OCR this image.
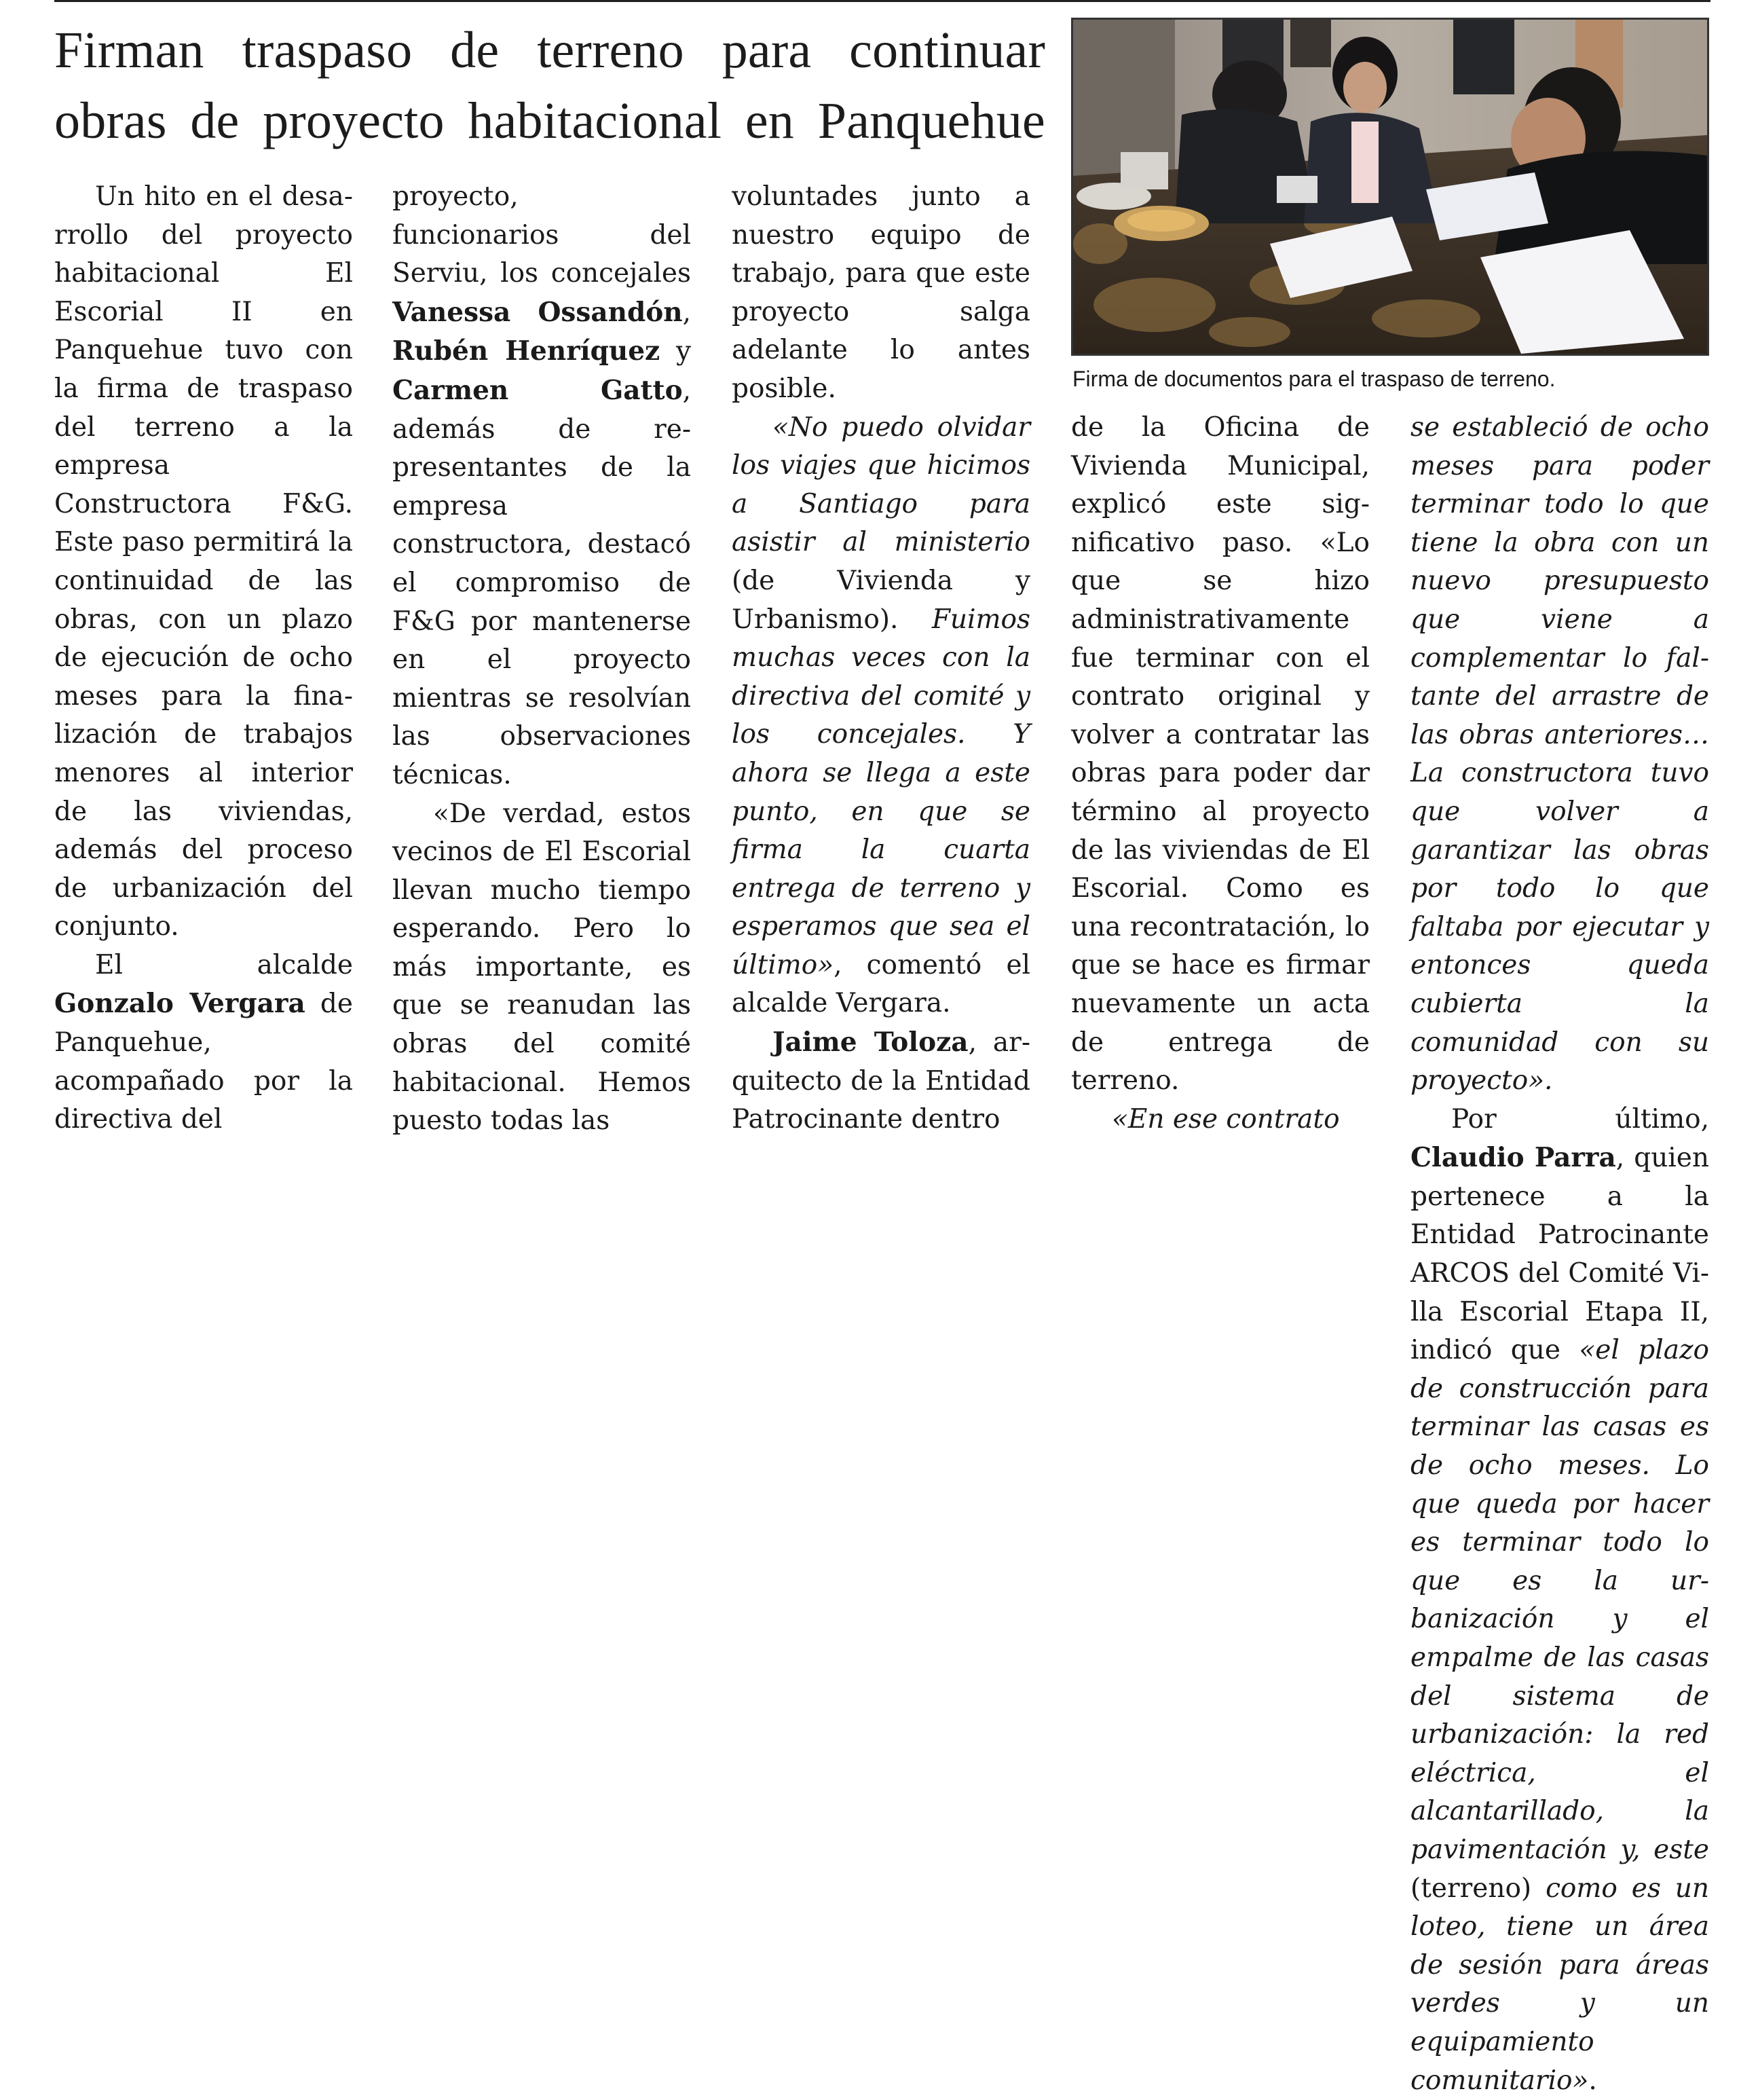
Firman traspaso de terreno para continuar obras de proyecto habitacional en Panquehue
Firma de documentos para el traspaso de terreno.

Un hito en el desarrollo del proyecto habitacional El Escorial II en Panquehue tuvo con la firma de traspaso del terreno a la empresa Constructora F&G. Este paso permitirá la continuidad de las obras, con un plazo de ejecución de ocho meses para la finalización de trabajos menores al interior de las viviendas, además del proceso de urbanización del conjunto.

El alcalde Gonzalo Vergara de Panquehue, acompañado por la directiva del

proyecto, funcionarios del Serviu, los concejales Vanessa Ossandón, Rubén Henríquez y Carmen Gatto, además de representantes de la empresa constructora, destacó el compromiso de F&G por mantenerse en el proyecto mientras se resolvían las observaciones técnicas.

«De verdad, estos vecinos de El Escorial llevan mucho tiempo esperando. Pero lo más importante, es que se reanudan las obras del comité habitacional. Hemos puesto todas las

voluntades junto a nuestro equipo de trabajo, para que este proyecto salga adelante lo antes posible.

«No puedo olvidar los viajes que hicimos a Santiago para asistir al ministerio (de Vivienda y Urbanismo). Fuimos muchas veces con la directiva del comité y los concejales. Y ahora se llega a este punto, en que se firma la cuarta entrega de terreno y esperamos que sea el último», comentó el alcalde Vergara.

Jaime Toloza, arquitecto de la Entidad Patrocinante dentro

de la Oficina de Vivienda Municipal, explicó este significativo paso. «Lo que se hizo administrativamente fue terminar con el contrato original y volver a contratar las obras para poder dar término al proyecto de las viviendas de El Escorial. Como es una recontratación, lo que se hace es firmar nuevamente un acta de entrega de terreno.

«En ese contrato

se estableció de ocho meses para poder terminar todo lo que tiene la obra con un nuevo presupuesto que viene a complementar lo faltante del arrastre de las obras anteriores… La constructora tuvo que volver a garantizar las obras por todo lo que faltaba por ejecutar y entonces queda cubierta la comunidad con su proyecto».

Por último, Claudio Parra, quien pertenece a la Entidad Patrocinante ARCOS del Comité Villa Escorial Etapa II, indicó que «el plazo de construcción para terminar las casas es de ocho meses. Lo que queda por hacer es terminar todo lo que es la urbanización y el empalme de las casas del sistema de urbanización: la red eléctrica, el alcantarillado, la pavimentación y, este (terreno) como es un loteo, tiene un área de sesión para áreas verdes y un equipamiento comunitario».
